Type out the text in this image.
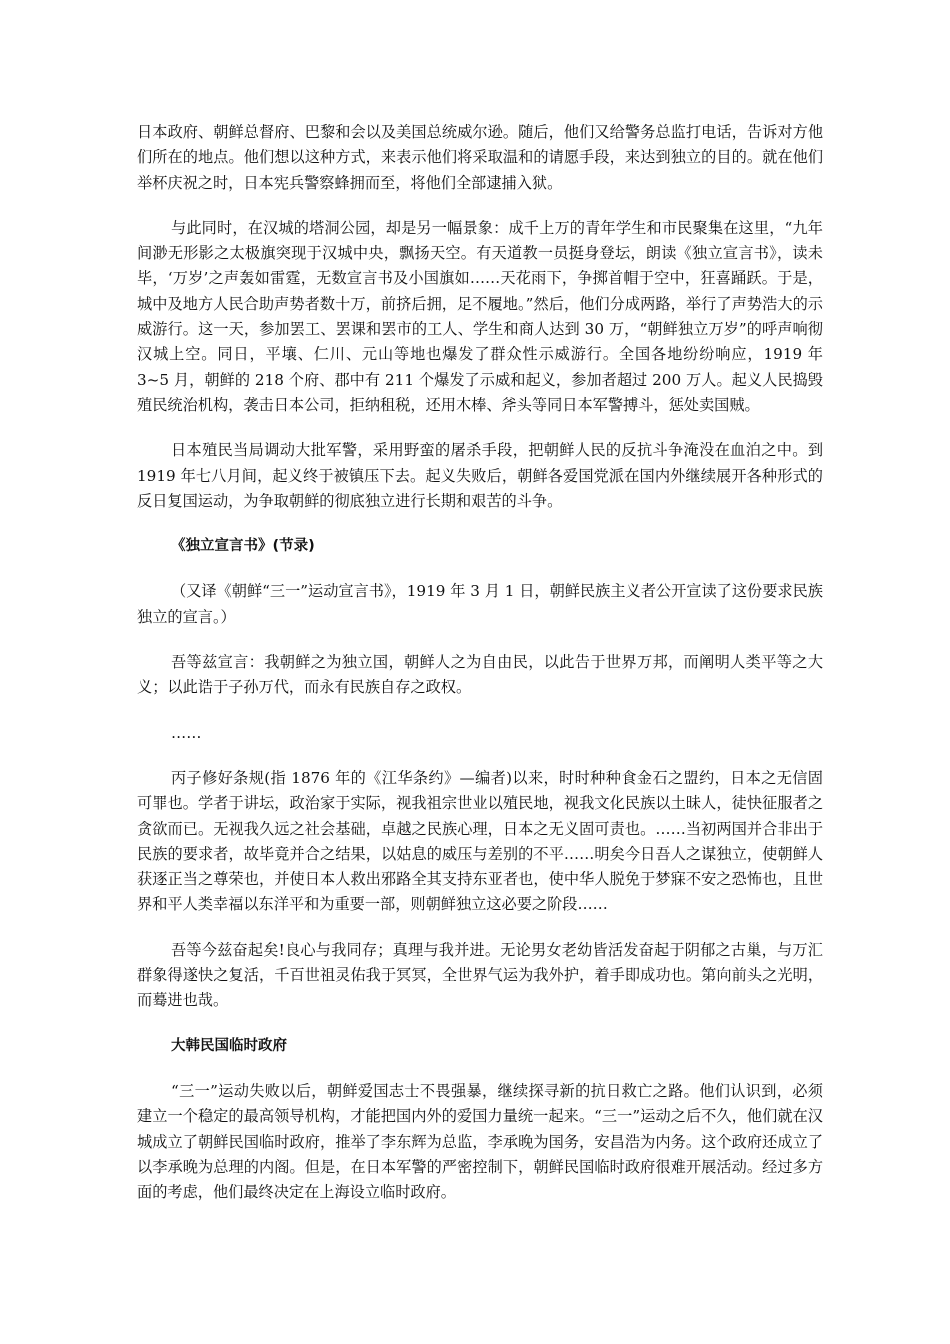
日本政府、朝鲜总督府、巴黎和会以及美国总统威尔逊。随后，他们又给警务总监打电话，告诉对方他们所在的地点。他们想以这种方式，来表示他们将采取温和的请愿手段，来达到独立的目的。就在他们举杯庆祝之时，日本宪兵警察蜂拥而至，将他们全部逮捕入狱。

与此同时，在汉城的塔洞公园，却是另一幅景象：成千上万的青年学生和市民聚集在这里，“九年间渺无形影之太极旗突现于汉城中央，飘扬天空。有天道教一员挺身登坛，朗读《独立宣言书》，读未毕，‘万岁’之声轰如雷霆，无数宣言书及小国旗如……天花雨下，争掷首帽于空中，狂喜踊跃。于是，城中及地方人民合助声势者数十万，前挤后拥，足不履地。”然后，他们分成两路，举行了声势浩大的示威游行。这一天，参加罢工、罢课和罢市的工人、学生和商人达到 30 万，“朝鲜独立万岁”的呼声响彻汉城上空。同日，平壤、仁川、元山等地也爆发了群众性示威游行。全国各地纷纷响应，1919 年 3~5 月，朝鲜的 218 个府、郡中有 211 个爆发了示威和起义，参加者超过 200 万人。起义人民捣毁殖民统治机构，袭击日本公司，拒纳租税，还用木棒、斧头等同日本军警搏斗，惩处卖国贼。

日本殖民当局调动大批军警，采用野蛮的屠杀手段，把朝鲜人民的反抗斗争淹没在血泊之中。到 1919 年七八月间，起义终于被镇压下去。起义失败后，朝鲜各爱国党派在国内外继续展开各种形式的反日复国运动，为争取朝鲜的彻底独立进行长期和艰苦的斗争。

《独立宣言书》(节录)

（又译《朝鲜“三一”运动宣言书》，1919 年 3 月 1 日，朝鲜民族主义者公开宣读了这份要求民族独立的宣言。）

吾等兹宣言：我朝鲜之为独立国，朝鲜人之为自由民，以此告于世界万邦，而阐明人类平等之大义；以此诰于子孙万代，而永有民族自存之政权。

……

丙子修好条规(指 1876 年的《江华条约》—编者)以来，时时种种食金石之盟约，日本之无信固可罪也。学者于讲坛，政治家于实际，视我祖宗世业以殖民地，视我文化民族以土昧人，徒快征服者之贪欲而已。无视我久远之社会基础，卓越之民族心理，日本之无义固可责也。……当初两国并合非出于民族的要求者，故毕竟并合之结果，以姑息的威压与差别的不平……明矣今日吾人之谋独立，使朝鲜人获逐正当之尊荣也，并使日本人救出邪路全其支持东亚者也，使中华人脱免于梦寐不安之恐怖也，且世界和平人类幸福以东洋平和为重要一部，则朝鲜独立这必要之阶段……

吾等今兹奋起矣!良心与我同存；真理与我并进。无论男女老幼皆活发奋起于阴郁之古巢，与万汇群象得遂快之复活，千百世祖灵佑我于冥冥，全世界气运为我外护，着手即成功也。第向前头之光明，而蓦进也哉。

大韩民国临时政府

“三一”运动失败以后，朝鲜爱国志士不畏强暴，继续探寻新的抗日救亡之路。他们认识到，必须建立一个稳定的最高领导机构，才能把国内外的爱国力量统一起来。“三一”运动之后不久，他们就在汉城成立了朝鲜民国临时政府，推举了李东辉为总监，李承晚为国务，安昌浩为内务。这个政府还成立了以李承晚为总理的内阁。但是，在日本军警的严密控制下，朝鲜民国临时政府很难开展活动。经过多方面的考虑，他们最终决定在上海设立临时政府。
